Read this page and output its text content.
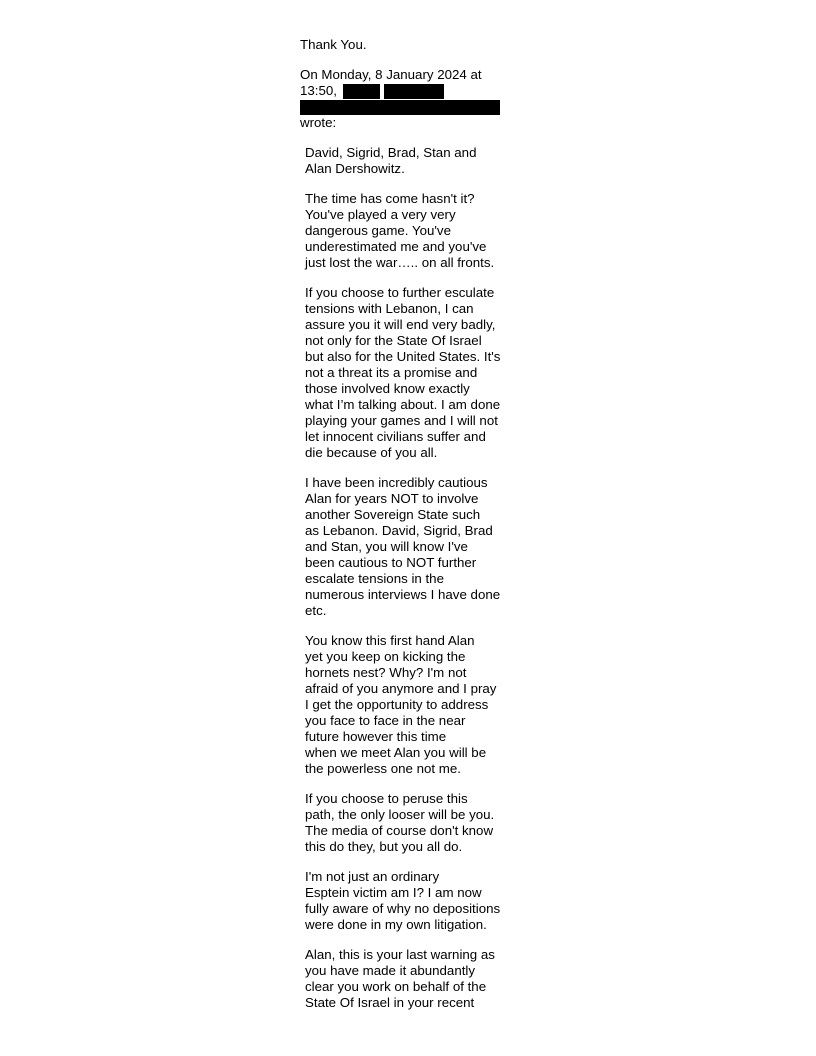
Thank You.
On Monday, 8 January 2024 at
13:50,
wrote:
David, Sigrid, Brad, Stan and
Alan Dershowitz.
The time has come hasn't it?
You've played a very very
dangerous game. You've
underestimated me and you've
just lost the war….. on all fronts.
If you choose to further esculate
tensions with Lebanon, I can
assure you it will end very badly,
not only for the State Of Israel
but also for the United States. It's
not a threat its a promise and
those involved know exactly
what I’m talking about. I am done
playing your games and I will not
let innocent civilians suffer and
die because of you all.
I have been incredibly cautious
Alan for years NOT to involve
another Sovereign State such
as Lebanon. David, Sigrid, Brad
and Stan, you will know I've
been cautious to NOT further
escalate tensions in the
numerous interviews I have done
etc.
You know this first hand Alan
yet you keep on kicking the
hornets nest? Why? I'm not
afraid of you anymore and I pray
I get the opportunity to address
you face to face in the near
future however this time
when we meet Alan you will be
the powerless one not me.
If you choose to peruse this
path, the only looser will be you.
The media of course don't know
this do they, but you all do.
I'm not just an ordinary
Esptein victim am I? I am now
fully aware of why no depositions
were done in my own litigation.
Alan, this is your last warning as
you have made it abundantly
clear you work on behalf of the
State Of Israel in your recent
